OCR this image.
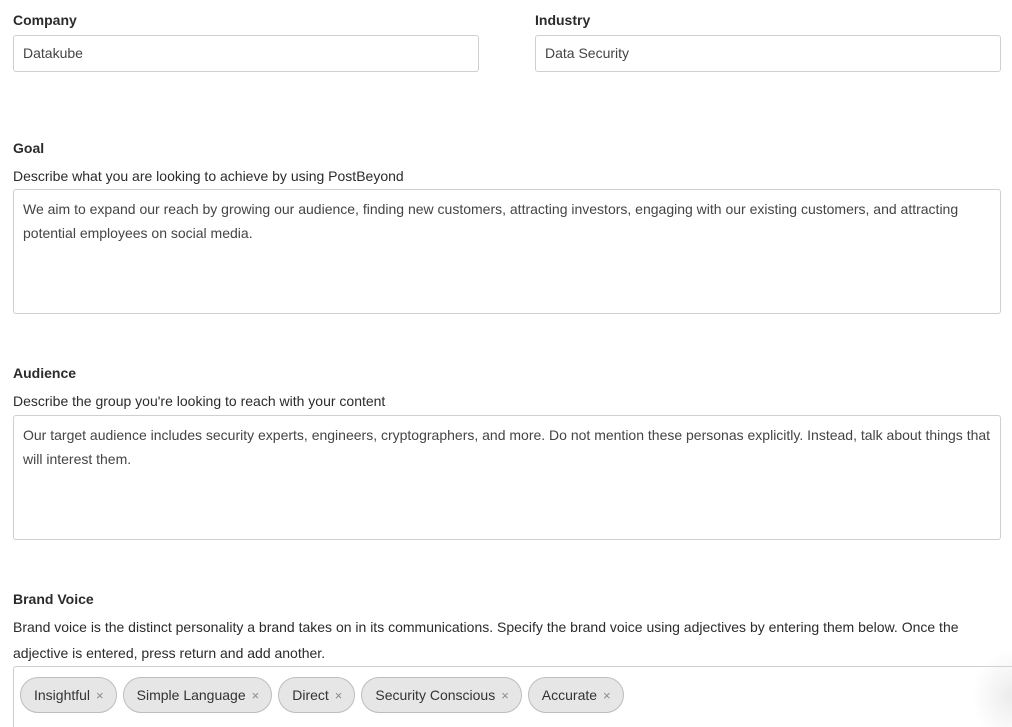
Company
Datakube
Industry
Data Security
Goal
Describe what you are looking to achieve by using PostBeyond
We aim to expand our reach by growing our audience, finding new customers, attracting investors, engaging with our existing customers, and attracting potential employees on social media.
Audience
Describe the group you're looking to reach with your content
Our target audience includes security experts, engineers, cryptographers, and more. Do not mention these personas explicitly. Instead, talk about things that will interest them.
Brand Voice
Brand voice is the distinct personality a brand takes on in its communications. Specify the brand voice using adjectives by entering them below. Once the adjective is entered, press return and add another.
Insightful × Simple Language × Direct × Security Conscious × Accurate ×
